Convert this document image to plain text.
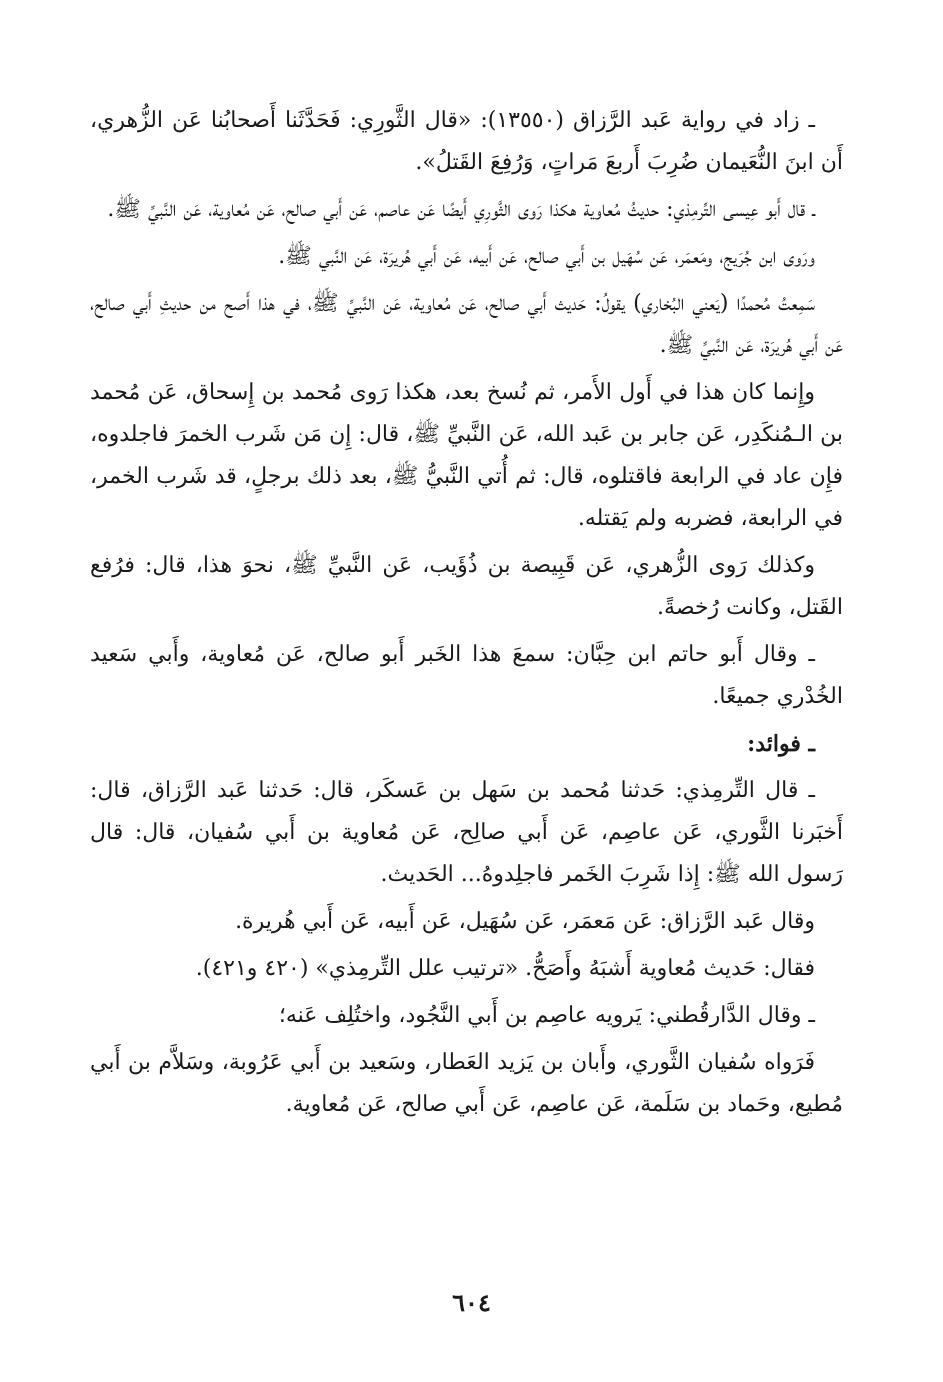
ـ زاد في رواية عَبد الرَّزاق (١٣٥٥٠): «قال الثَّورِي: فَحَدَّثَنا أَصحابُنا عَن الزُّهري، أَن ابنَ النُّعَيمان ضُرِبَ أَربعَ مَراتٍ، وَرُفِعَ القَتلُ».

ـ قال أَبو عِيسى التِّرمِذي: حديثُ مُعاوية هكذا رَوى الثَّورِي أَيضًا عَن عاصم، عَن أَبي صالح، عَن مُعاوية، عَن النَّبيِّ ﷺ.

ورَوى ابن جُرَيج، ومَعمَر، عَن سُهَيل بن أَبي صالح، عَن أَبيه، عَن أَبي هُريرَة، عَن النَّبي ﷺ.

سَمِعتُ مُحمدًا (يَعني البُخاري) يقولُ: حَديث أَبي صالح، عَن مُعاوية، عَن النَّبيِّ ﷺ، في هذا أَصح من حديثِ أَبي صالح، عَن أَبي هُريرَة، عَن النَّبيِّ ﷺ.

وإِنما كان هذا في أَول الأَمر، ثم نُسخ بعد، هكذا رَوى مُحمد بن إِسحاق، عَن مُحمد بن الـمُنكَدِر، عَن جابر بن عَبد الله، عَن النَّبيِّ ﷺ، قال: إِن مَن شَرب الخمرَ فاجلدوه، فإِن عاد في الرابعة فاقتلوه، قال: ثم أُتي النَّبيُّ ﷺ، بعد ذلك برجلٍ، قد شَرب الخمر، في الرابعة، فضربه ولم يَقتله.

وكذلك رَوى الزُّهري، عَن قَبِيصة بن ذُؤَيب، عَن النَّبيِّ ﷺ، نحوَ هذا، قال: فرُفع القَتل، وكانت رُخصةً.

ـ وقال أَبو حاتم ابن حِبَّان: سمعَ هذا الخَبر أَبو صالح، عَن مُعاوية، وأَبي سَعيد الخُدْري جميعًا.

ـ فوائد:

ـ قال التِّرمِذي: حَدثنا مُحمد بن سَهل بن عَسكَر، قال: حَدثنا عَبد الرَّزاق، قال: أَخبَرنا الثَّوري، عَن عاصِم، عَن أَبي صالِح، عَن مُعاوية بن أَبي سُفيان، قال: قال رَسول الله ﷺ: إِذا شَرِبَ الخَمر فاجلِدوهُ... الحَديث.

وقال عَبد الرَّزاق: عَن مَعمَر، عَن سُهَيل، عَن أَبيه، عَن أَبي هُريرة.

فقال: حَديث مُعاوية أَشبَهُ وأَصَحُّ. «ترتيب علل التِّرمِذي» (٤٢٠ و٤٢١).

ـ وقال الدَّارقُطني: يَرويه عاصِم بن أَبي النَّجُود، واختُلِف عَنه؛

فَرَواه سُفيان الثَّوري، وأَبان بن يَزيد العَطار، وسَعيد بن أَبي عَرُوبة، وسَلاَّم بن أَبي مُطيع، وحَماد بن سَلَمة، عَن عاصِم، عَن أَبي صالح، عَن مُعاوية.

٦٠٤
